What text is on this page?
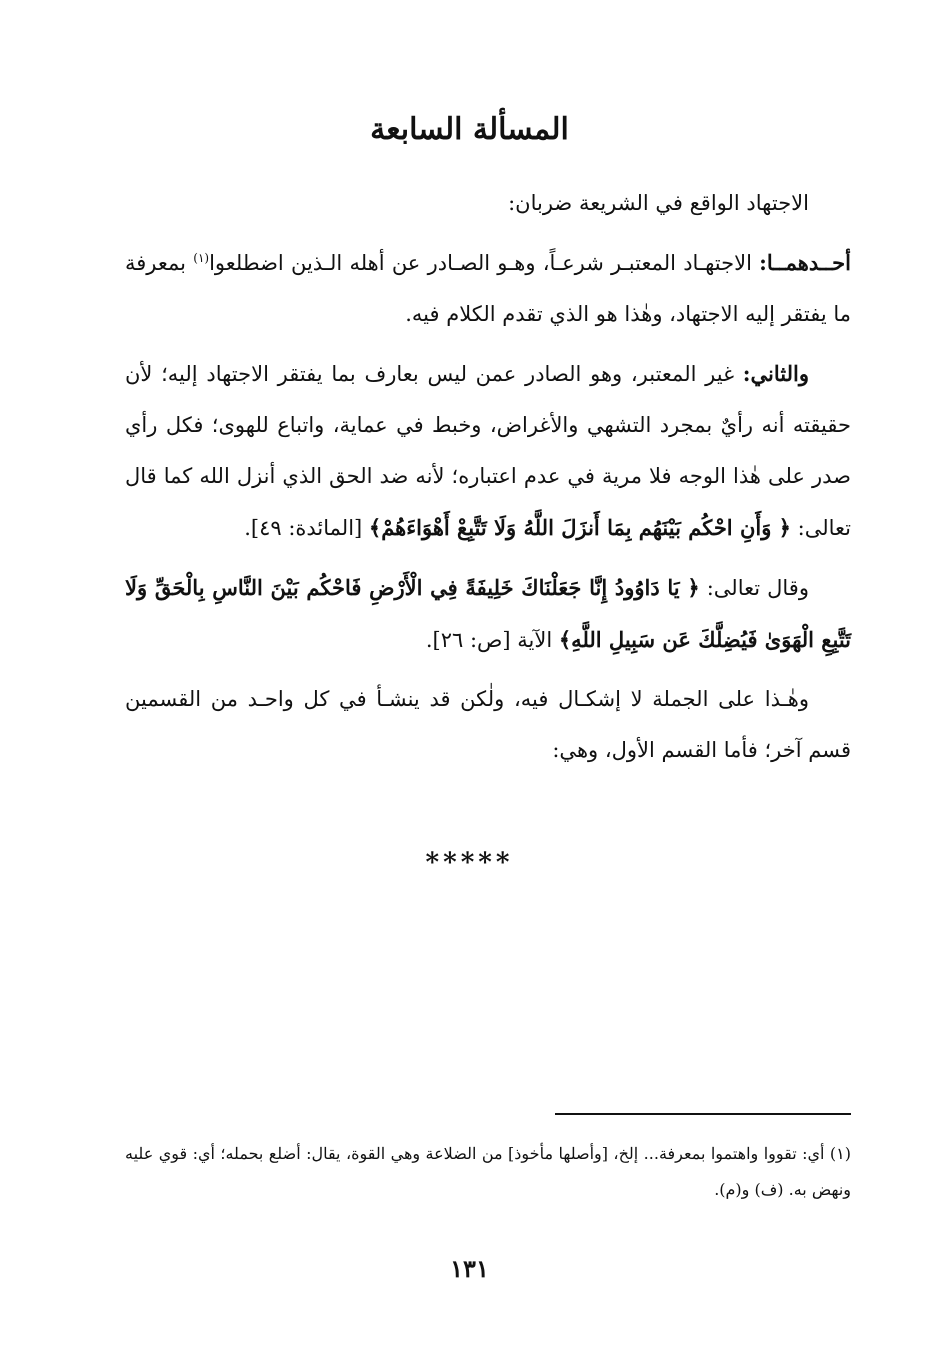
المسألة السابعة

الاجتهاد الواقع في الشريعة ضربان:

أحــدهمــا: الاجتهـاد المعتبـر شرعـاً، وهـو الصـادر عن أهله الـذين اضطلعوا$^{(١)}$ بمعرفة ما يفتقر إليه الاجتهاد، وهٰذا هو الذي تقدم الكلام فيه.

والثاني: غير المعتبر، وهو الصادر عمن ليس بعارف بما يفتقر الاجتهاد إليه؛ لأن حقيقته أنه رأيٌ بمجرد التشهي والأغراض، وخبط في عماية، واتباع للهوى؛ فكل رأي صدر على هٰذا الوجه فلا مرية في عدم اعتباره؛ لأنه ضد الحق الذي أنزل الله كما قال تعالى: ﴿ وَأَنِ احْكُم بَيْنَهُم بِمَا أَنزَلَ اللَّهُ وَلَا تَتَّبِعْ أَهْوَاءَهُمْ﴾ [المائدة: ٤٩].

وقال تعالى: ﴿ يَا دَاوُودُ إِنَّا جَعَلْنَاكَ خَلِيفَةً فِي الْأَرْضِ فَاحْكُم بَيْنَ النَّاسِ بِالْحَقِّ وَلَا تَتَّبِعِ الْهَوَىٰ فَيُضِلَّكَ عَن سَبِيلِ اللَّهِ﴾ الآية [ص: ٢٦].

وهٰـذا على الجملة لا إشكـال فيه، ولٰكن قد ينشـأ في كل واحـد من القسمين قسم آخر؛ فأما القسم الأول، وهي:

*****

(١) أي: تقووا واهتموا بمعرفة... إلخ، [وأصلها مأخوذ] من الضلاعة وهي القوة، يقال: أضلع بحمله؛ أي: قوي عليه ونهض به. (ف) و(م).

١٣١
